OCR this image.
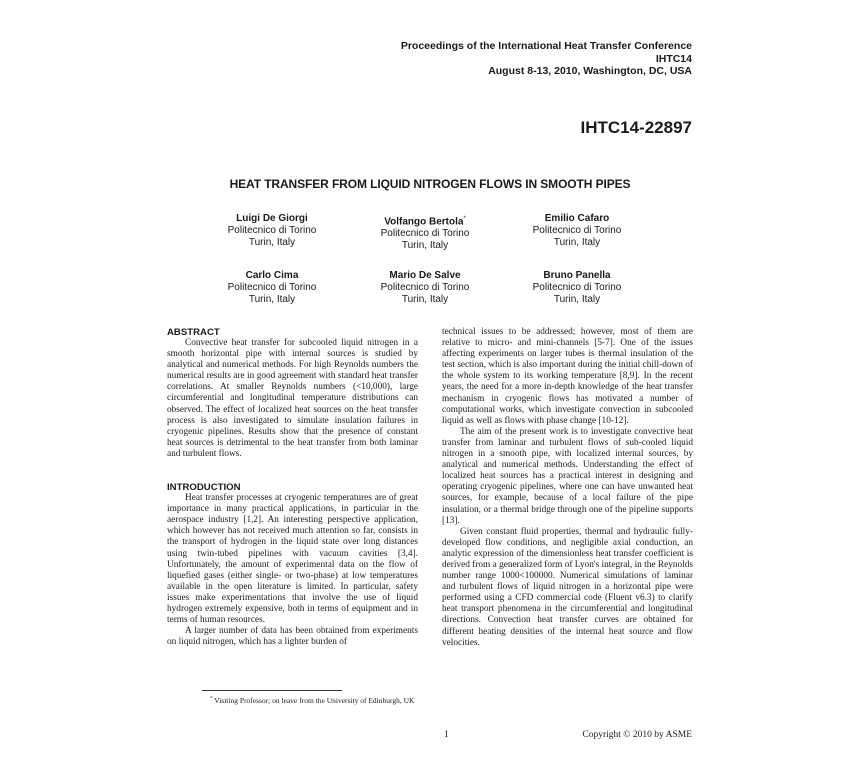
Proceedings of the International Heat Transfer Conference
IHTC14
August 8-13, 2010, Washington, DC, USA
IHTC14-22897
HEAT TRANSFER FROM LIQUID NITROGEN FLOWS IN SMOOTH PIPES
Luigi De Giorgi
Politecnico di Torino
Turin, Italy
Volfango Bertola*
Politecnico di Torino
Turin, Italy
Emilio Cafaro
Politecnico di Torino
Turin, Italy
Carlo Cima
Politecnico di Torino
Turin, Italy
Mario De Salve
Politecnico di Torino
Turin, Italy
Bruno Panella
Politecnico di Torino
Turin, Italy
ABSTRACT

Convective heat transfer for subcooled liquid nitrogen in a smooth horizontal pipe with internal sources is studied by analytical and numerical methods. For high Reynolds numbers the numerical results are in good agreement with standard heat transfer correlations. At smaller Reynolds numbers (<10,000), large circumferential and longitudinal temperature distributions can observed. The effect of localized heat sources on the heat transfer process is also investigated to simulate insulation failures in cryogenic pipelines. Results show that the presence of constant heat sources is detrimental to the heat transfer from both laminar and turbulent flows.

INTRODUCTION

Heat transfer processes at cryogenic temperatures are of great importance in many practical applications, in particular in the aerospace industry [1,2]. An interesting perspective application, which however has not received much attention so far, consists in the transport of hydrogen in the liquid state over long distances using twin-tubed pipelines with vacuum cavities [3,4]. Unfortunately, the amount of experimental data on the flow of liquefied gases (either single- or two-phase) at low temperatures available in the open literature is limited. In particular, safety issues make experimentations that involve the use of liquid hydrogen extremely expensive, both in terms of equipment and in terms of human resources.

A larger number of data has been obtained from experiments on liquid nitrogen, which has a lighter burden of

technical issues to be addressed; however, most of them are relative to micro- and mini-channels [5-7]. One of the issues affecting experiments on larger tubes is thermal insulation of the test section, which is also important during the initial chill-down of the whole system to its working temperature [8,9]. In the recent years, the need for a more in-depth knowledge of the heat transfer mechanism in cryogenic flows has motivated a number of computational works, which investigate convection in subcooled liquid as well as flows with phase change [10-12].

The aim of the present work is to investigate convective heat transfer from laminar and turbulent flows of sub-cooled liquid nitrogen in a smooth pipe, with localized internal sources, by analytical and numerical methods. Understanding the effect of localized heat sources has a practical interest in designing and operating cryogenic pipelines, where one can have unwanted heat sources, for example, because of a local failure of the pipe insulation, or a thermal bridge through one of the pipeline supports [13].

Given constant fluid properties, thermal and hydraulic fully-developed flow conditions, and negligible axial conduction, an analytic expression of the dimensionless heat transfer coefficient is derived from a generalized form of Lyon's integral, in the Reynolds number range 1000<100000. Numerical simulations of laminar and turbulent flows of liquid nitrogen in a horizontal pipe were performed using a CFD commercial code (Fluent v6.3) to clarify heat transport phenomena in the circumferential and longitudinal directions. Convection heat transfer curves are obtained for different heating densities of the internal heat source and flow velocities.

* Visiting Professor; on leave from the University of Edinburgh, UK
1	Copyright © 2010 by ASME
